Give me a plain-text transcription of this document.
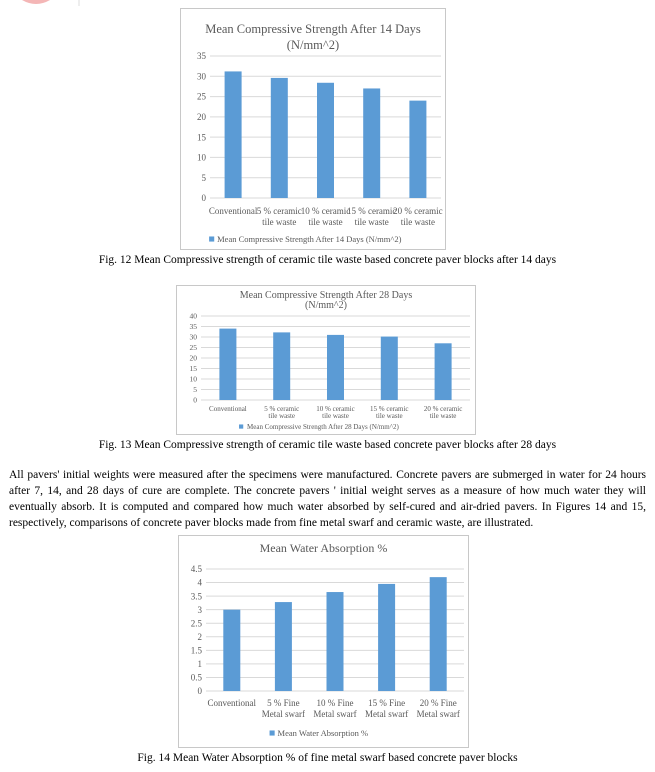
Mean Compressive Strength After 14 Days
(N/mm^2)
0
5
10
15
20
25
30
35
Conventional 5 % ceramic
tile waste
10 % ceramic
tile waste
15 % ceramic
tile waste
20 % ceramic
tile waste
Mean Compressive Strength After 14 Days (N/mm^2)
Fig. 12 Mean Compressive strength of ceramic tile waste based concrete paver blocks after 14 days
Mean Compressive Strength After 28 Days
(N/mm^2)
0
5
10
15
20
25
30
35
40
Conventional 5 % ceramic
tile waste
10 % ceramic
tile waste
15 % ceramic
tile waste
20 % ceramic
tile waste
Mean Compressive Strength After 28 Days (N/mm^2)
Fig. 13 Mean Compressive strength of ceramic tile waste based concrete paver blocks after 28 days

All pavers' initial weights were measured after the specimens were manufactured. Concrete pavers are submerged in water for 24 hours after 7, 14, and 28 days of cure are complete. The concrete pavers ' initial weight serves as a measure of how much water they will eventually absorb. It is computed and compared how much water absorbed by self-cured and air-dried pavers. In Figures 14 and 15, respectively, comparisons of concrete paver blocks made from fine metal swarf and ceramic waste, are illustrated.

Mean Water Absorption %
0
0.5
1
1.5
2
2.5
3
3.5
4
4.5
Conventional 5 % Fine
Metal swarf
10 % Fine
Metal swarf
15 % Fine
Metal swarf
20 % Fine
Metal swarf
Mean Water Absorption %
Fig. 14 Mean Water Absorption % of fine metal swarf based concrete paver blocks
